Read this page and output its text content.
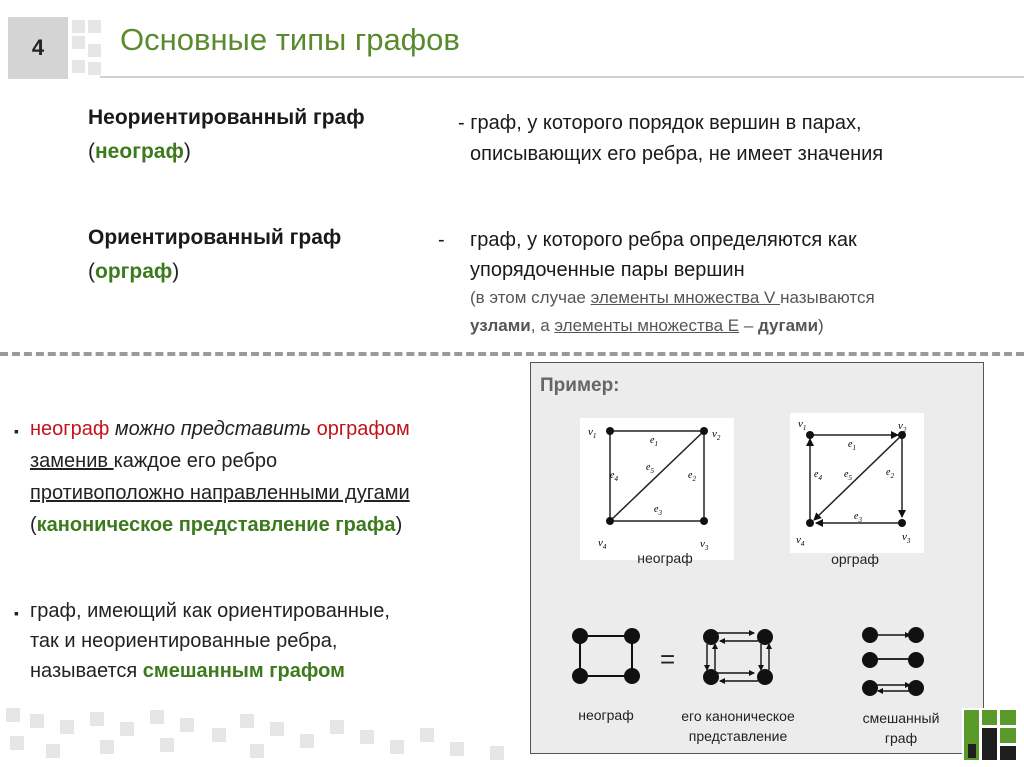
4 Основные типы графов
Неориентированный граф
(неограф)
- граф, у которого порядок вершин в парах,
описывающих его ребра, не имеет значения
Ориентированный граф
(орграф)
- граф, у которого ребра определяются как
упорядоченные пары вершин
(в этом случае элементы множества V называются
узлами, а элементы множества E – дугами)
▪ неограф можно представить орграфом
заменив каждое его ребро
противоположно направленными дугами
(каноническое представление графа)
▪ граф, имеющий как ориентированные,
так и неориентированные ребра,
называется смешанным графом
Пример:
$v_1$	$v_2$
$v_3$
$v_4$
$e_1$
$e_2$
$e_3$
$e_4$
$e_5$
неограф
$v_1$	$v_2$
$v_3$
$v_4$
$e_1$
$e_2$
$e_3$
$e_4$ $e_5$
орграф
=
неограф	его каноническое
представление
смешанный
граф
